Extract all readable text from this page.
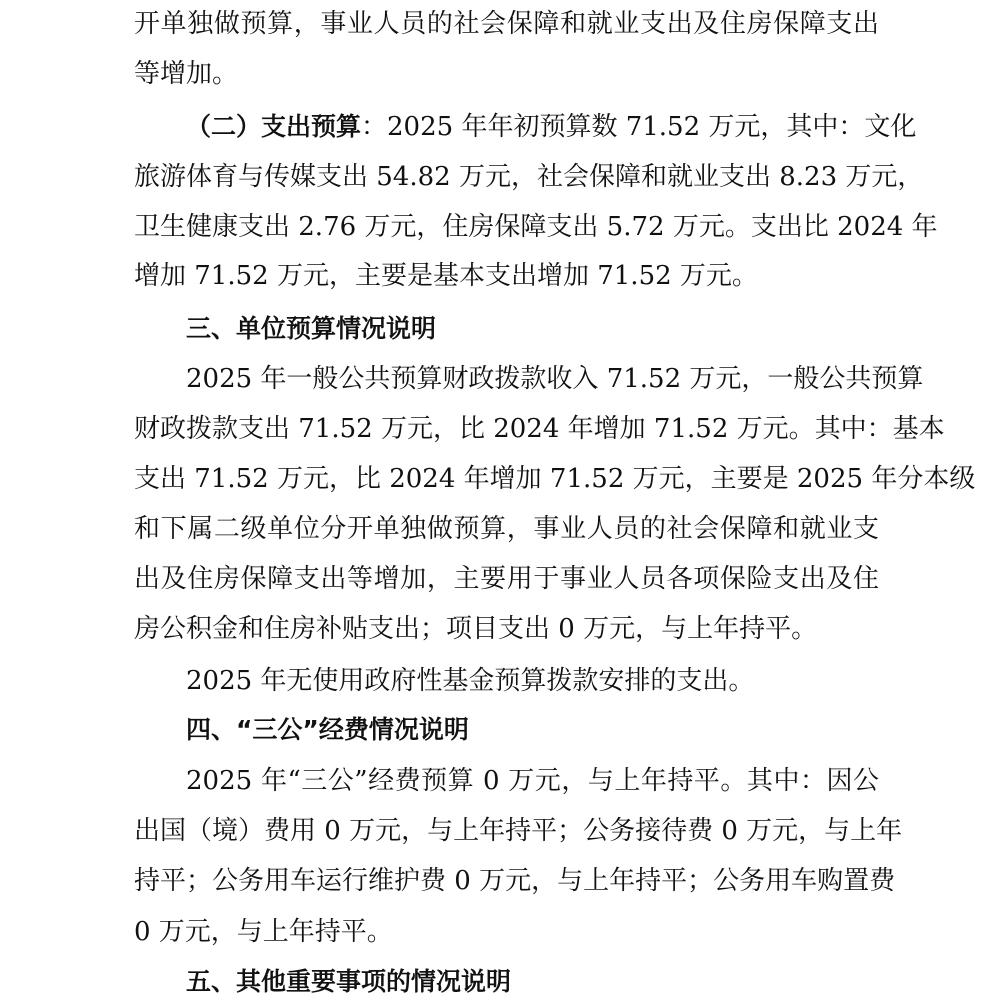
开单独做预算，事业人员的社会保障和就业支出及住房保障支出
等增加。
（二）支出预算：2025 年年初预算数 71.52 万元，其中：文化
旅游体育与传媒支出 54.82 万元，社会保障和就业支出 8.23 万元，
卫生健康支出 2.76 万元，住房保障支出 5.72 万元。支出比 2024 年
增加 71.52 万元，主要是基本支出增加 71.52 万元。
三、单位预算情况说明
2025 年一般公共预算财政拨款收入 71.52 万元，一般公共预算
财政拨款支出 71.52 万元，比 2024 年增加 71.52 万元。其中：基本
支出 71.52 万元，比 2024 年增加 71.52 万元，主要是 2025 年分本级
和下属二级单位分开单独做预算，事业人员的社会保障和就业支
出及住房保障支出等增加，主要用于事业人员各项保险支出及住
房公积金和住房补贴支出；项目支出 0 万元，与上年持平。
2025 年无使用政府性基金预算拨款安排的支出。
四、“三公”经费情况说明
2025 年“三公”经费预算 0 万元，与上年持平。其中：因公
出国（境）费用 0 万元，与上年持平；公务接待费 0 万元，与上年
持平；公务用车运行维护费 0 万元，与上年持平；公务用车购置费
0 万元，与上年持平。
五、其他重要事项的情况说明
